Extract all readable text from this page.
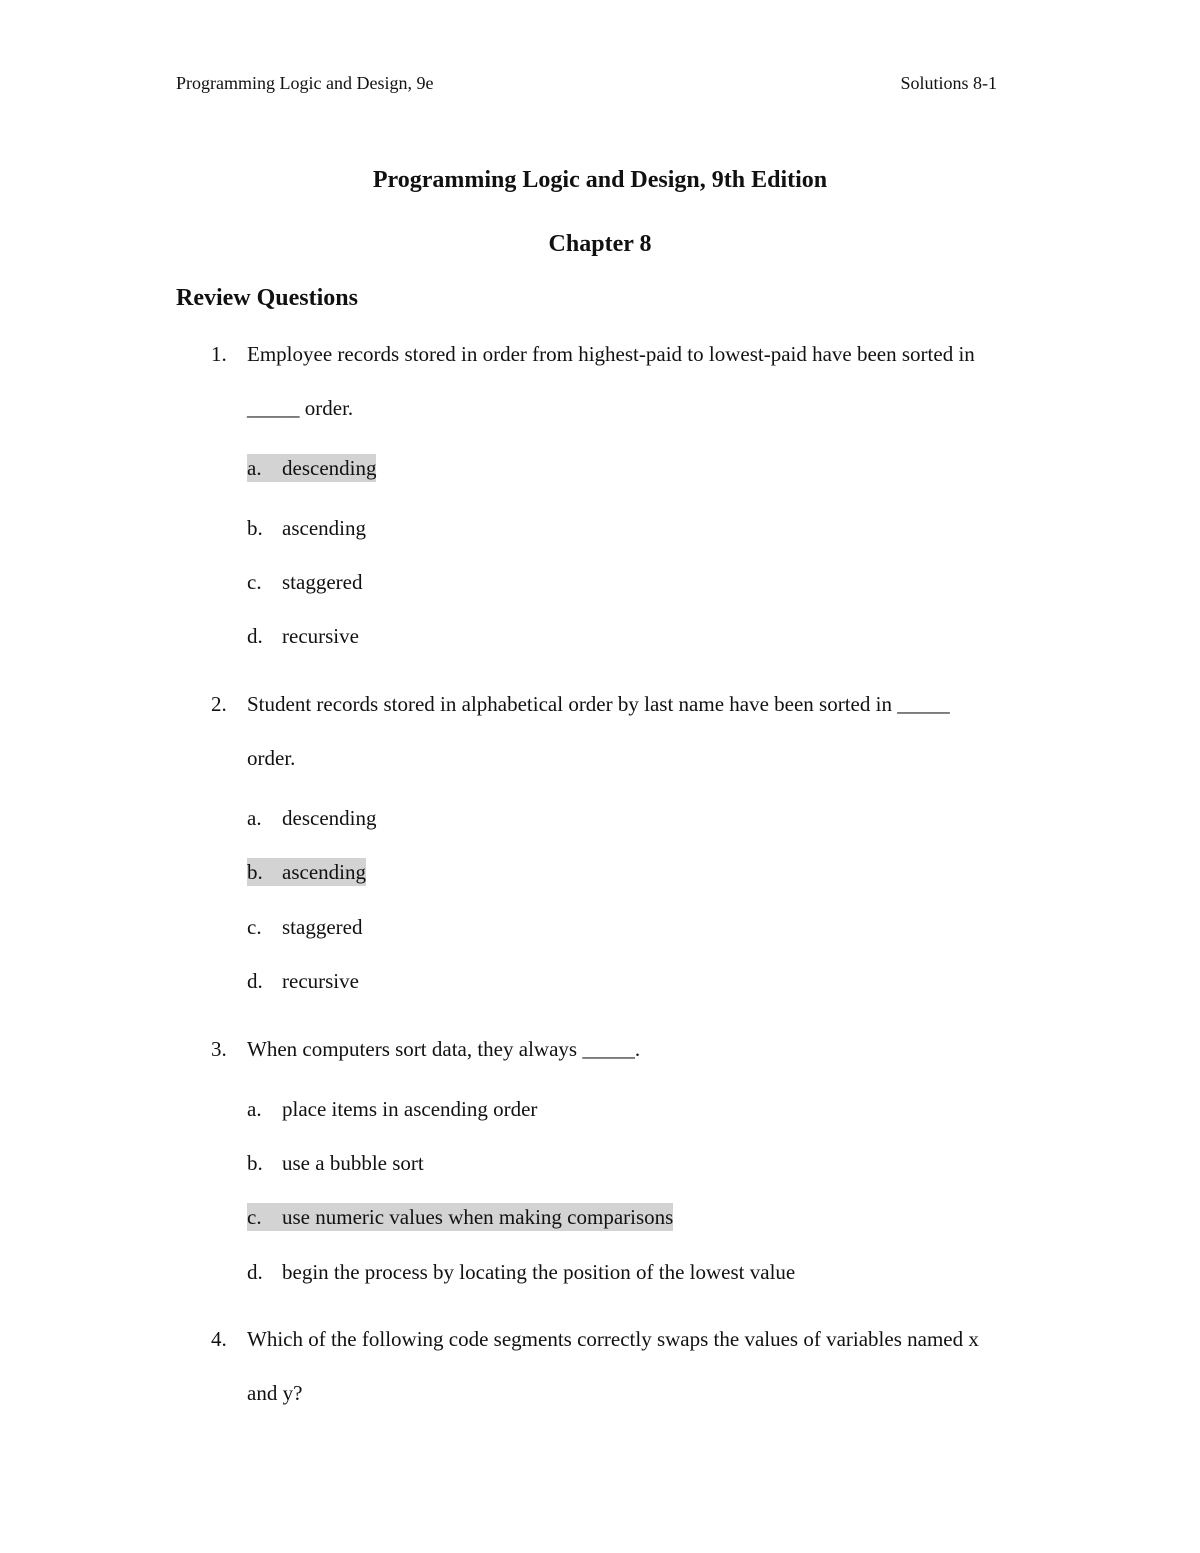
Programming Logic and Design, 9e	Solutions 8-1
Programming Logic and Design, 9th Edition
Chapter 8
Review Questions
1. Employee records stored in order from highest-paid to lowest-paid have been sorted in _____ order.
a. descending
b. ascending
c. staggered
d. recursive
2. Student records stored in alphabetical order by last name have been sorted in _____ order.
a. descending
b. ascending
c. staggered
d. recursive
3. When computers sort data, they always _____.
a. place items in ascending order
b. use a bubble sort
c. use numeric values when making comparisons
d. begin the process by locating the position of the lowest value
4. Which of the following code segments correctly swaps the values of variables named x and y?
